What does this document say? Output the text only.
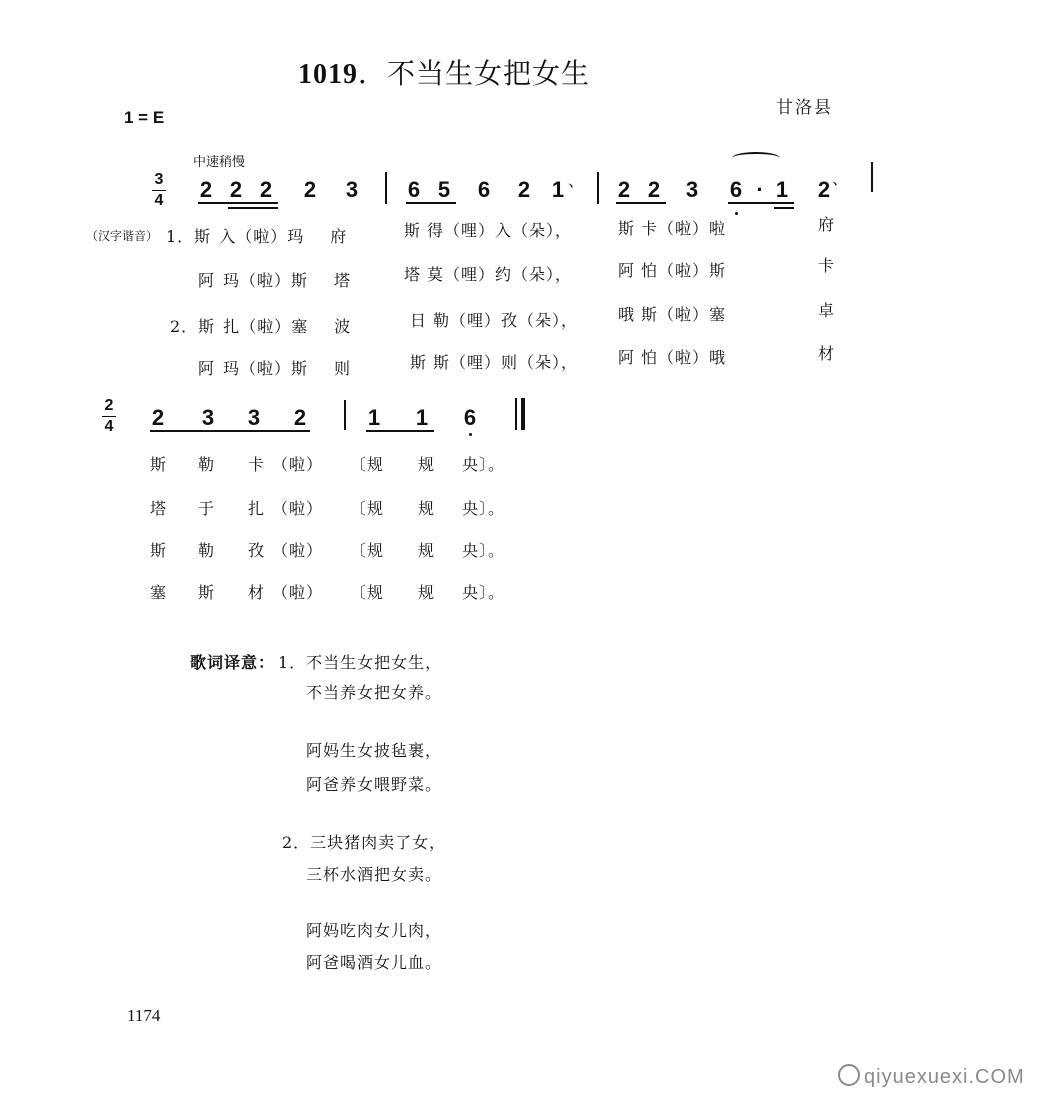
1019．不当生女把女生
甘洛县
1 = E
中速稍慢
3
4 2 2 2 2 3 6 5 6 2 1 、 2 2 3 6 · 1 2 、
（汉字谐音） 1．斯 入（啦）玛 府	斯 得（哩）入（朵），	斯 卡（啦）啦	府
阿 玛（啦）斯 塔	塔 莫（哩）约（朵），	阿 怕（啦）斯	卡
2．斯 扎（啦）塞 波	日 勒（哩）孜（朵）， 哦 斯（啦）塞	卓
阿 玛（啦）斯 则	斯 斯（哩）则（朵）， 阿 怕（啦）哦	材
2
4 2 3 3 2	1 1 6
斯 勒 卡 （啦） 〔规 规 央〕。
塔 于 扎 （啦） 〔规 规 央〕。
斯 勒 孜 （啦） 〔规 规 央〕。
塞 斯 材 （啦） 〔规 规 央〕。
歌词译意： 1．不当生女把女生，
不当养女把女养。
阿妈生女披毡裹，
阿爸养女喂野菜。
2．三块猪肉卖了女，
三杯水酒把女卖。
阿妈吃肉女儿肉，
阿爸喝酒女儿血。
1174
qiyuexuexi.COM
